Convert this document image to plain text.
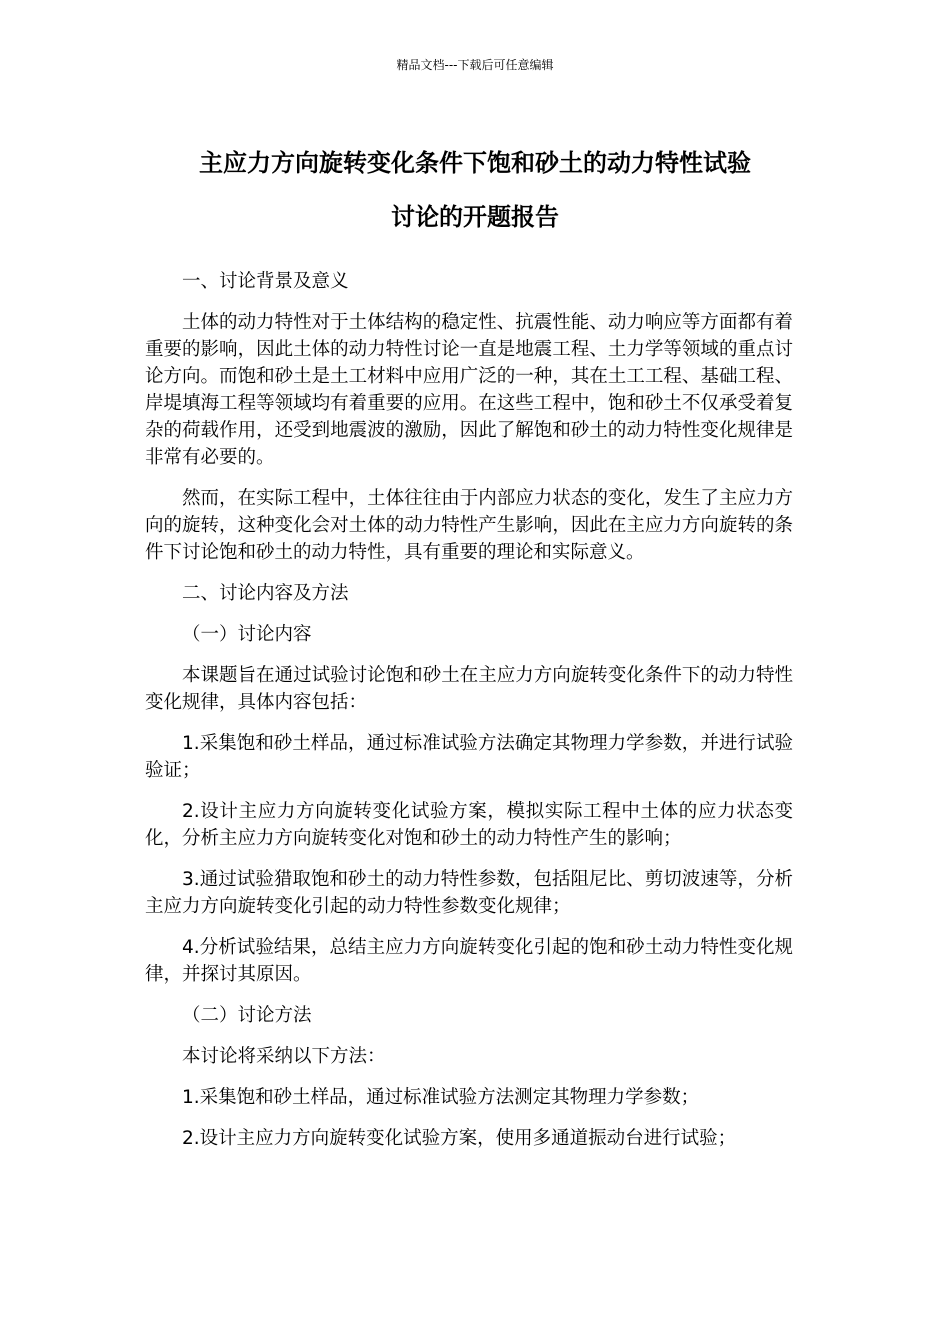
精品文档---下载后可任意编辑
主应力方向旋转变化条件下饱和砂土的动力特性试验
讨论的开题报告

一、讨论背景及意义

土体的动力特性对于土体结构的稳定性、抗震性能、动力响应等方面都有着重要的影响，因此土体的动力特性讨论一直是地震工程、土力学等领域的重点讨论方向。而饱和砂土是土工材料中应用广泛的一种，其在土工工程、基础工程、岸堤填海工程等领域均有着重要的应用。在这些工程中，饱和砂土不仅承受着复杂的荷载作用，还受到地震波的激励，因此了解饱和砂土的动力特性变化规律是非常有必要的。

然而，在实际工程中，土体往往由于内部应力状态的变化，发生了主应力方向的旋转，这种变化会对土体的动力特性产生影响，因此在主应力方向旋转的条件下讨论饱和砂土的动力特性，具有重要的理论和实际意义。

二、讨论内容及方法

（一）讨论内容

本课题旨在通过试验讨论饱和砂土在主应力方向旋转变化条件下的动力特性变化规律，具体内容包括：

1.采集饱和砂土样品，通过标准试验方法确定其物理力学参数，并进行试验验证；

2.设计主应力方向旋转变化试验方案，模拟实际工程中土体的应力状态变化，分析主应力方向旋转变化对饱和砂土的动力特性产生的影响；

3.通过试验猎取饱和砂土的动力特性参数，包括阻尼比、剪切波速等，分析主应力方向旋转变化引起的动力特性参数变化规律；

4.分析试验结果，总结主应力方向旋转变化引起的饱和砂土动力特性变化规律，并探讨其原因。

（二）讨论方法

本讨论将采纳以下方法：

1.采集饱和砂土样品，通过标准试验方法测定其物理力学参数；

2.设计主应力方向旋转变化试验方案，使用多通道振动台进行试验；
